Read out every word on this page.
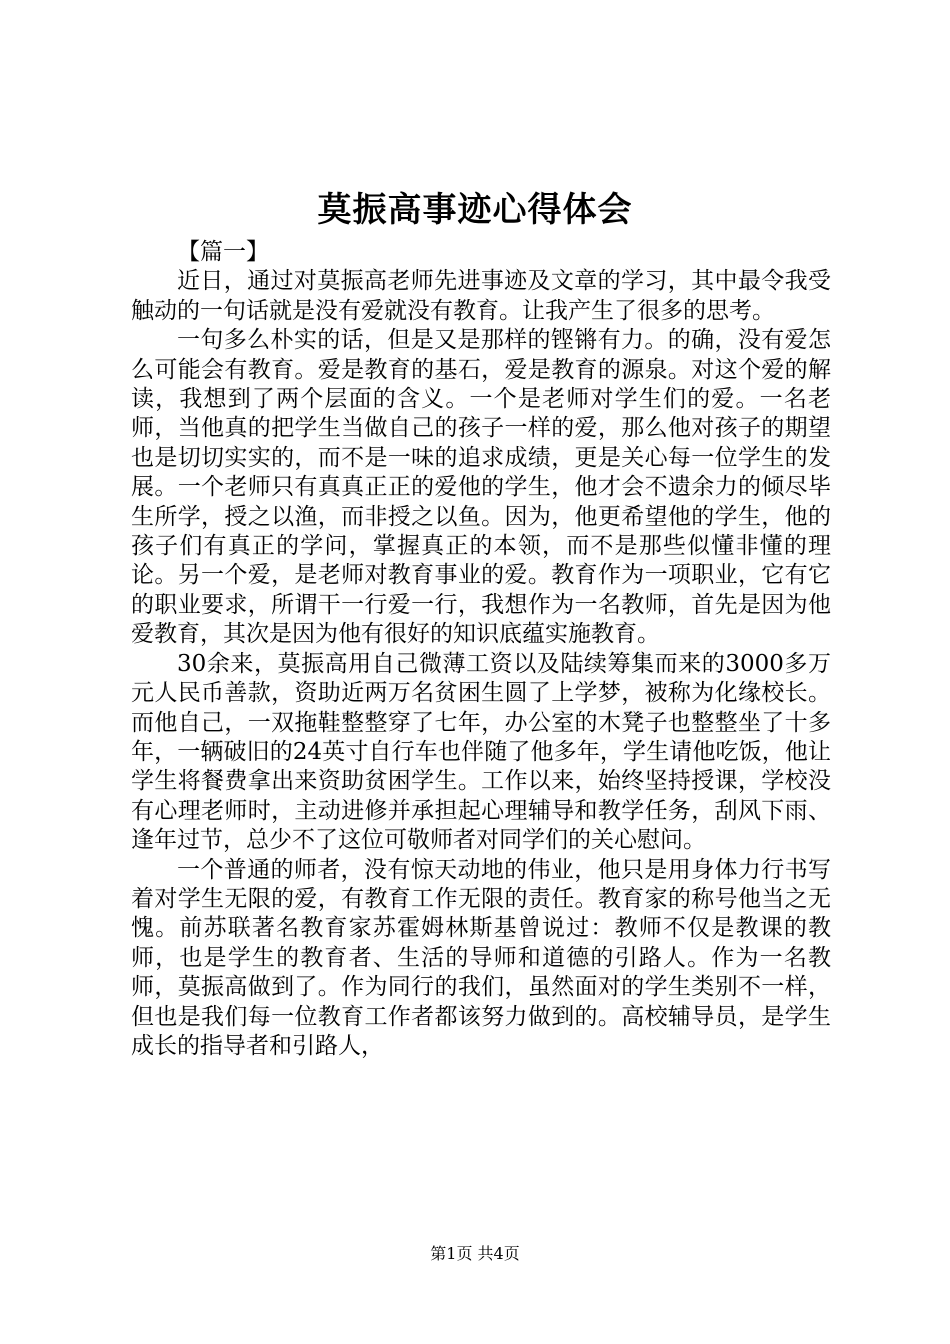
莫振高事迹心得体会

【篇一】

近日，通过对莫振高老师先进事迹及文章的学习，其中最令我受触动的一句话就是没有爱就没有教育。让我产生了很多的思考。

一句多么朴实的话，但是又是那样的铿锵有力。的确，没有爱怎么可能会有教育。爱是教育的基石，爱是教育的源泉。对这个爱的解读，我想到了两个层面的含义。一个是老师对学生们的爱。一名老师，当他真的把学生当做自己的孩子一样的爱，那么他对孩子的期望也是切切实实的，而不是一味的追求成绩，更是关心每一位学生的发展。一个老师只有真真正正的爱他的学生，他才会不遗余力的倾尽毕生所学，授之以渔，而非授之以鱼。因为，他更希望他的学生，他的孩子们有真正的学问，掌握真正的本领，而不是那些似懂非懂的理论。另一个爱，是老师对教育事业的爱。教育作为一项职业，它有它的职业要求，所谓干一行爱一行，我想作为一名教师，首先是因为他爱教育，其次是因为他有很好的知识底蕴实施教育。

30余来，莫振高用自己微薄工资以及陆续筹集而来的3000多万元人民币善款，资助近两万名贫困生圆了上学梦，被称为化缘校长。而他自己，一双拖鞋整整穿了七年，办公室的木凳子也整整坐了十多年，一辆破旧的24英寸自行车也伴随了他多年，学生请他吃饭，他让学生将餐费拿出来资助贫困学生。工作以来，始终坚持授课，学校没有心理老师时，主动进修并承担起心理辅导和教学任务，刮风下雨、逢年过节，总少不了这位可敬师者对同学们的关心慰问。

一个普通的师者，没有惊天动地的伟业，他只是用身体力行书写着对学生无限的爱，有教育工作无限的责任。教育家的称号他当之无愧。前苏联著名教育家苏霍姆林斯基曾说过：教师不仅是教课的教师，也是学生的教育者、生活的导师和道德的引路人。作为一名教师，莫振高做到了。作为同行的我们，虽然面对的学生类别不一样，但也是我们每一位教育工作者都该努力做到的。高校辅导员，是学生成长的指导者和引路人，

第1页 共4页
